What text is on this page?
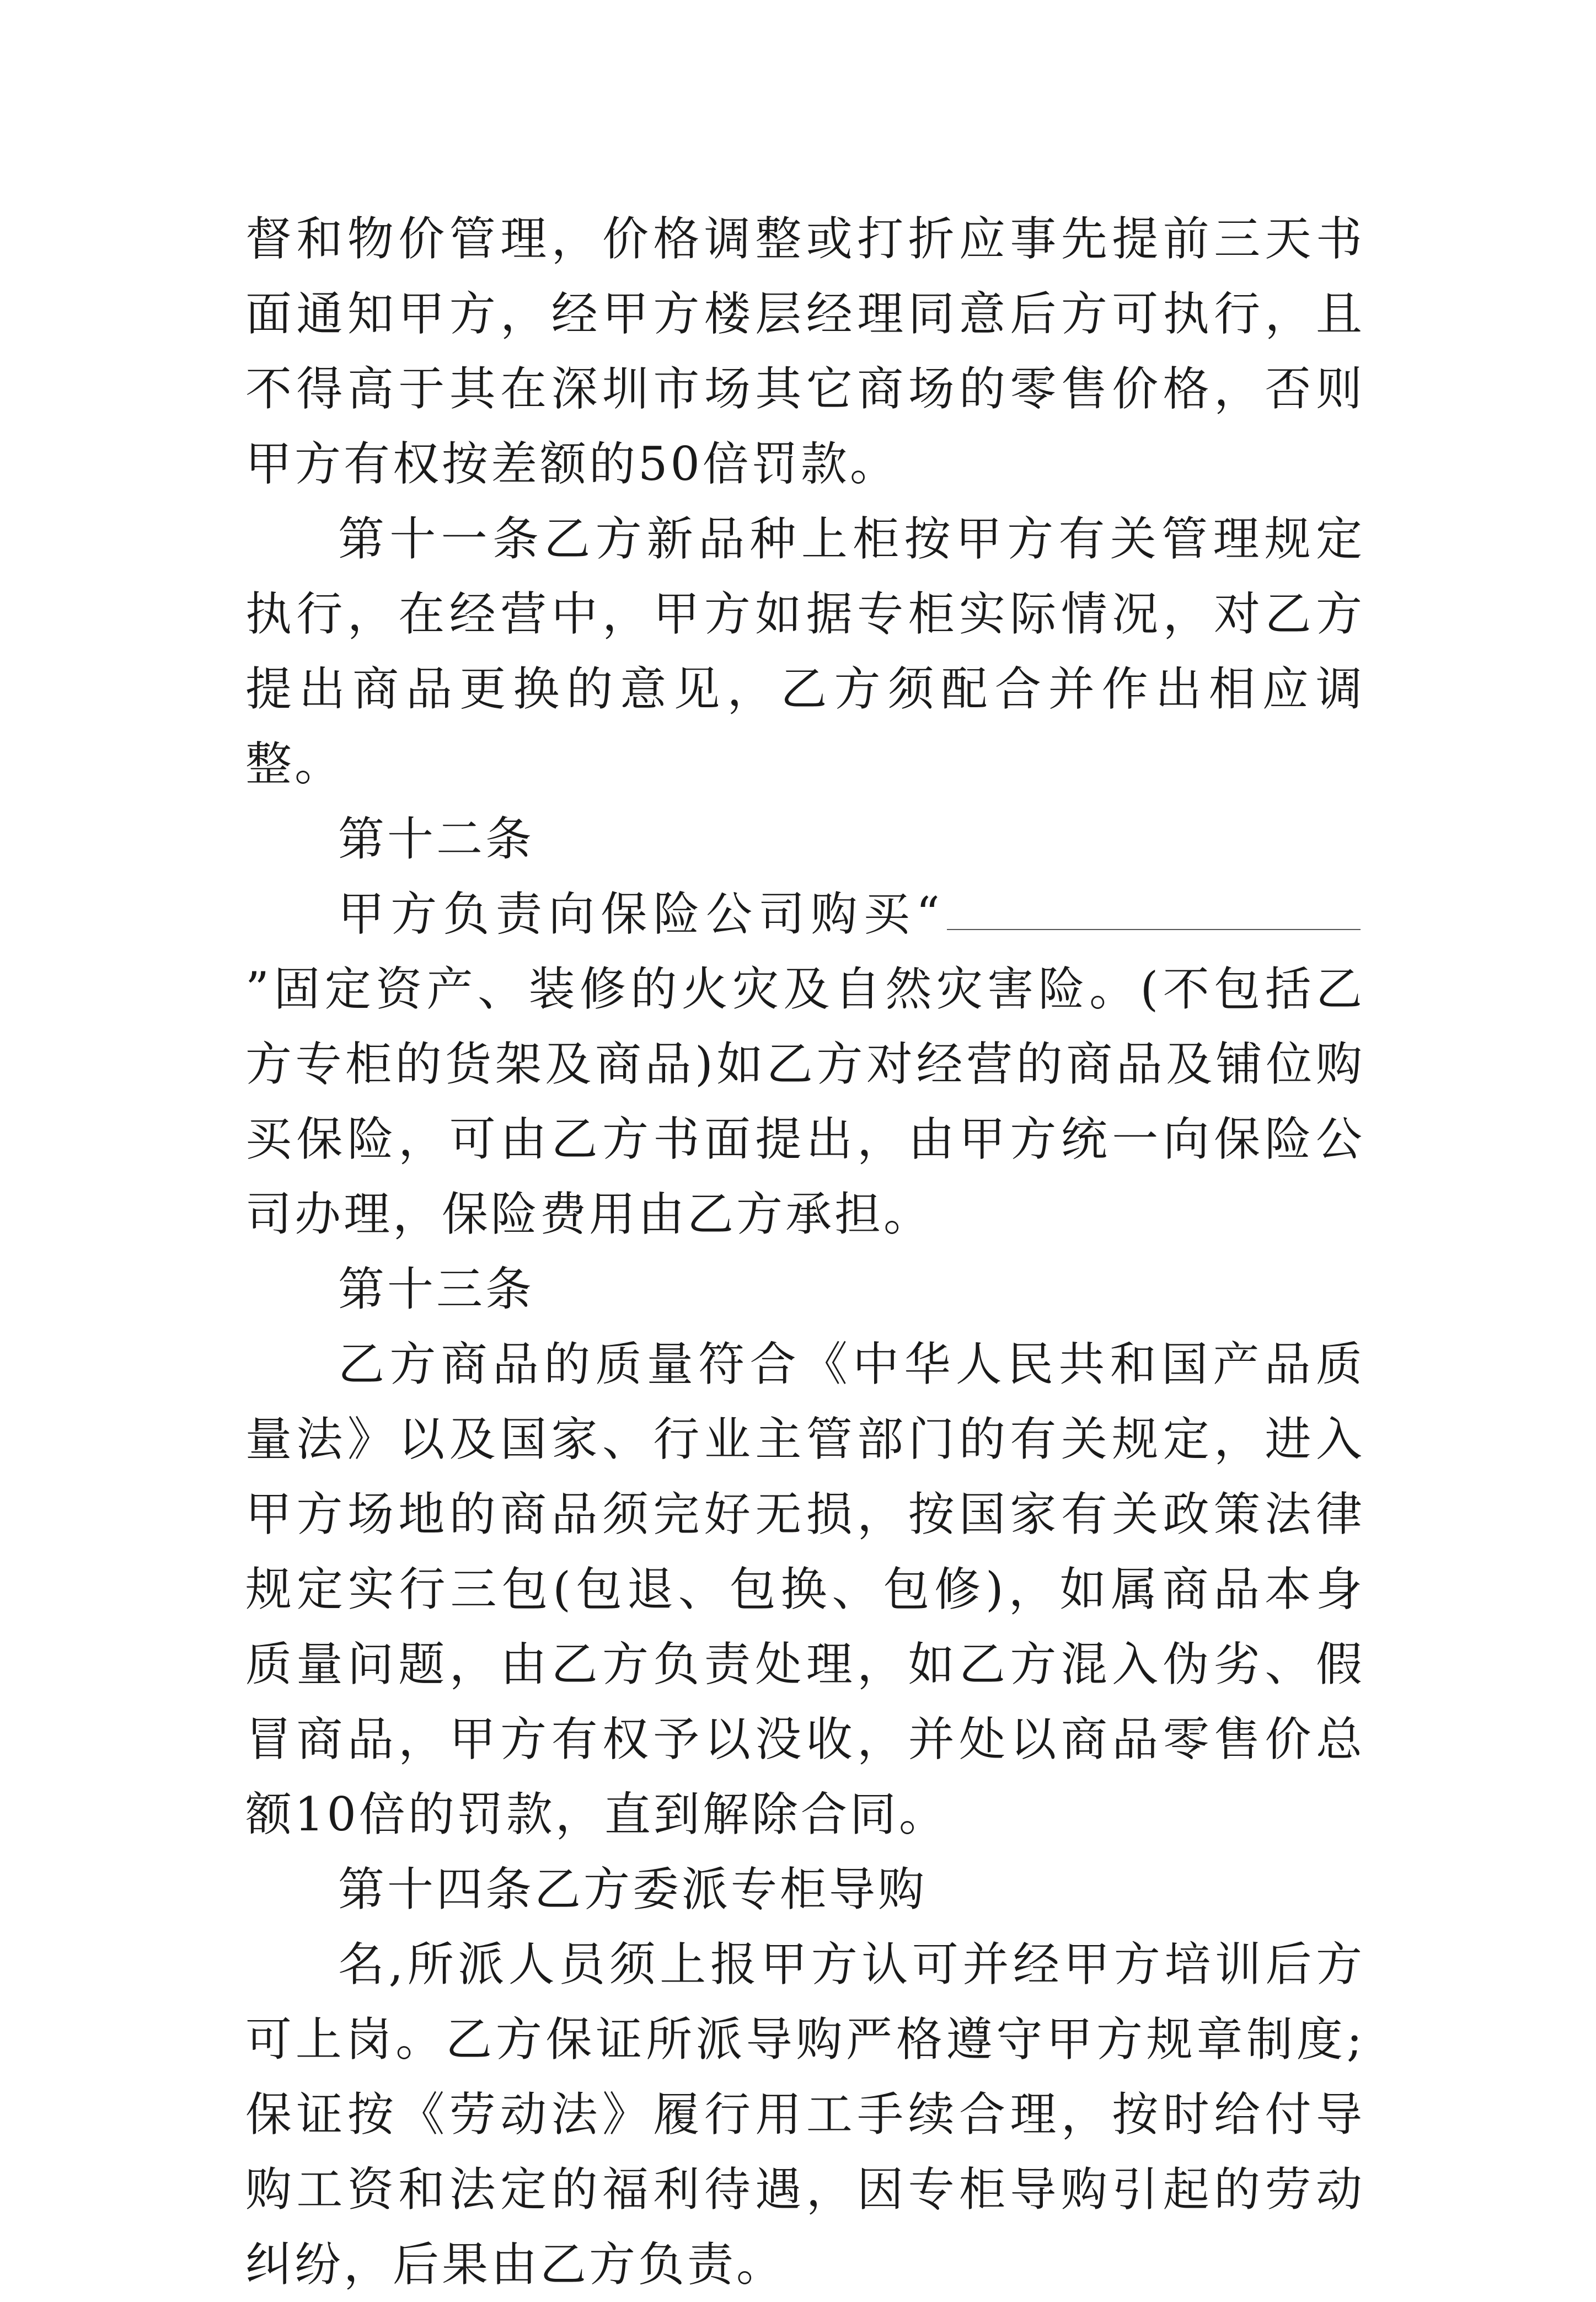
督和物价管理，价格调整或打折应事先提前三天书面通知甲方，经甲方楼层经理同意后方可执行，且不得高于其在深圳市场其它商场的零售价格，否则甲方有权按差额的50倍罚款。

第十一条乙方新品种上柜按甲方有关管理规定执行，在经营中，甲方如据专柜实际情况，对乙方提出商品更换的意见，乙方须配合并作出相应调整。

第十二条

甲方负责向保险公司购买“”固定资产、装修的火灾及自然灾害险。(不包括乙方专柜的货架及商品)如乙方对经营的商品及铺位购买保险，可由乙方书面提出，由甲方统一向保险公司办理，保险费用由乙方承担。

第十三条

乙方商品的质量符合《中华人民共和国产品质量法》以及国家、行业主管部门的有关规定，进入甲方场地的商品须完好无损，按国家有关政策法律规定实行三包(包退、包换、包修)，如属商品本身质量问题，由乙方负责处理，如乙方混入伪劣、假冒商品，甲方有权予以没收，并处以商品零售价总额10倍的罚款，直到解除合同。

第十四条乙方委派专柜导购

名,所派人员须上报甲方认可并经甲方培训后方可上岗。乙方保证所派导购严格遵守甲方规章制度;保证按《劳动法》履行用工手续合理，按时给付导购工资和法定的福利待遇，因专柜导购引起的劳动纠纷，后果由乙方负责。
